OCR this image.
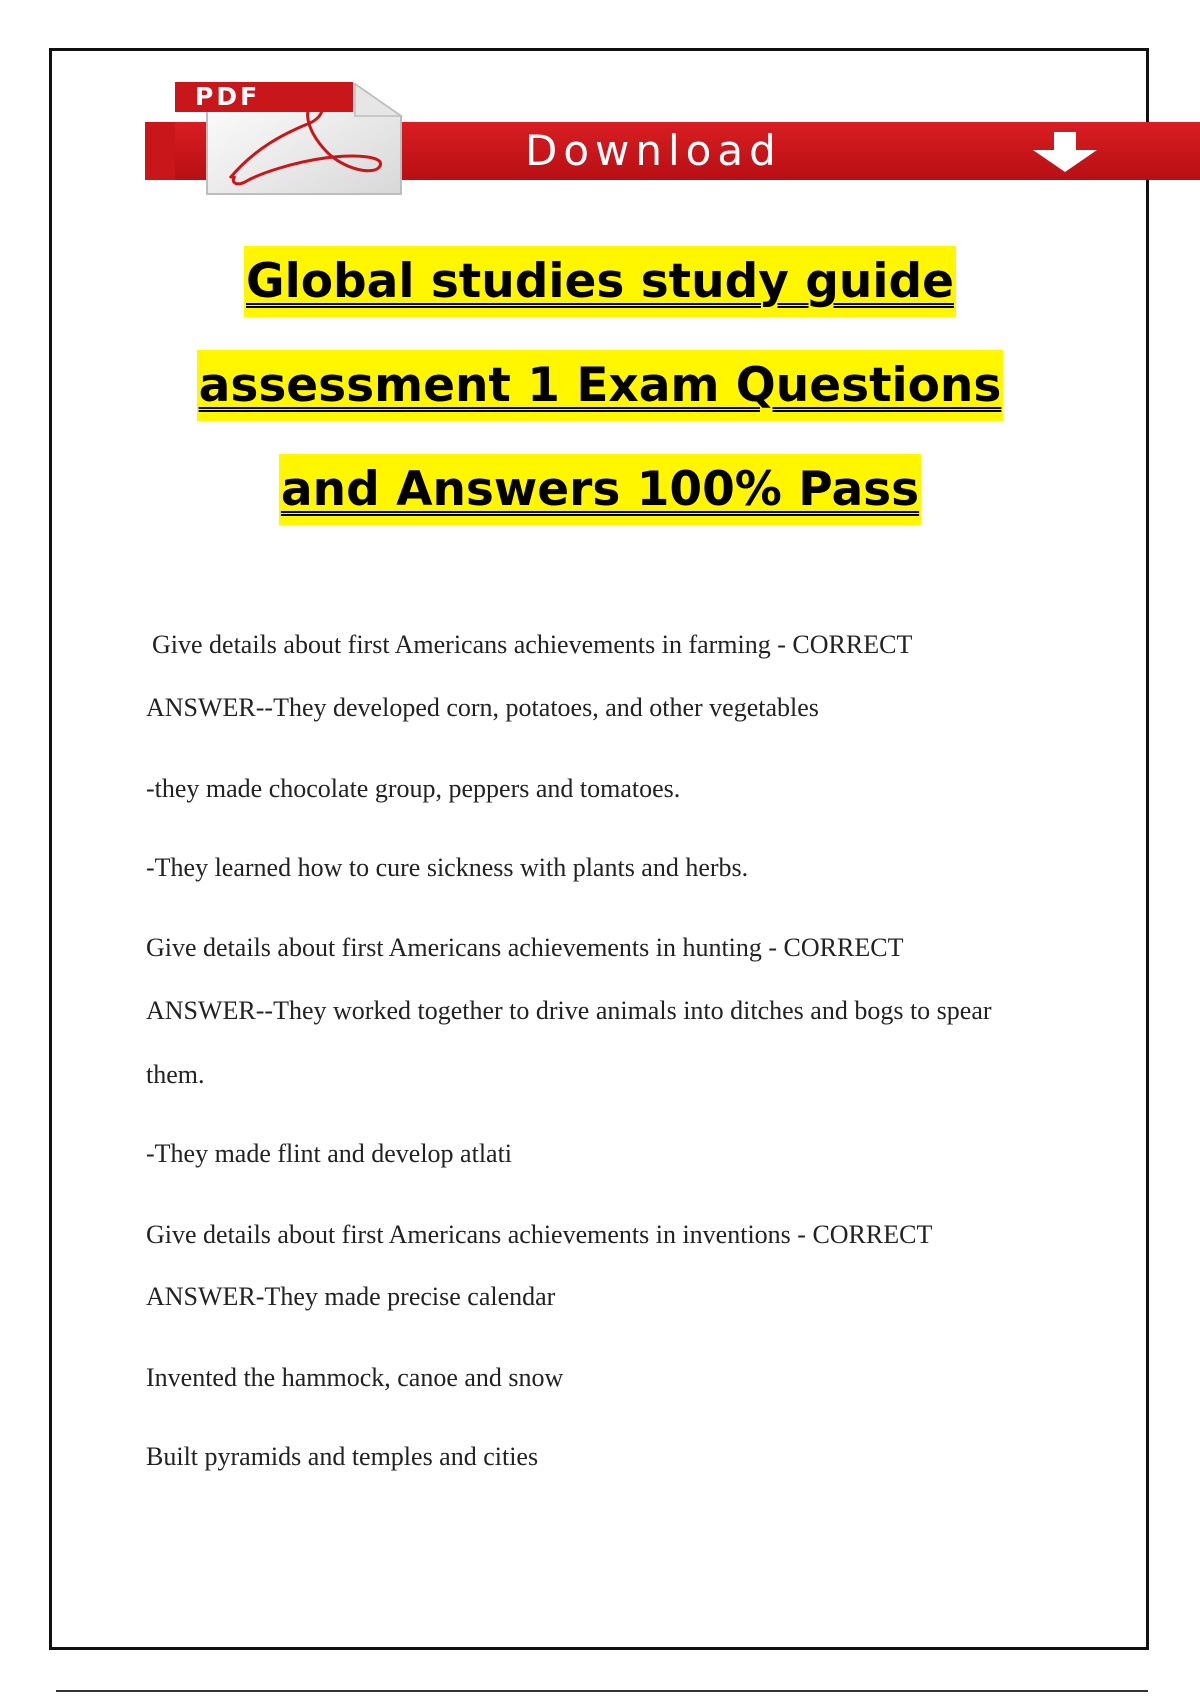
Download
PDF
Global studies study guide
assessment 1 Exam Questions
and Answers 100% Pass
Give details about first Americans achievements in farming - CORRECT
ANSWER--They developed corn, potatoes, and other vegetables
-they made chocolate group, peppers and tomatoes.
-They learned how to cure sickness with plants and herbs.
Give details about first Americans achievements in hunting - CORRECT
ANSWER--They worked together to drive animals into ditches and bogs to spear
them.
-They made flint and develop atlati
Give details about first Americans achievements in inventions - CORRECT
ANSWER-They made precise calendar
Invented the hammock, canoe and snow
Built pyramids and temples and cities
